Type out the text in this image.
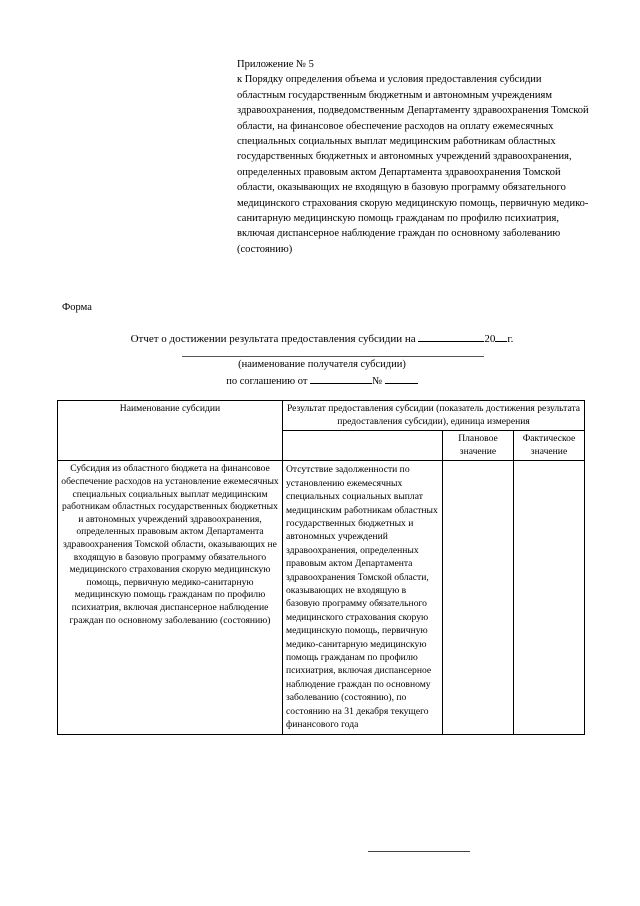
Приложение № 5
к Порядку определения объема и условия предоставления субсидии областным государственным бюджетным и автономным учреждениям здравоохранения, подведомственным Департаменту здравоохранения Томской области, на финансовое обеспечение расходов на оплату ежемесячных специальных социальных выплат медицинским работникам областных государственных бюджетных и автономных учреждений здравоохранения, определенных правовым актом Департамента здравоохранения Томской области, оказывающих не входящую в базовую программу обязательного медицинского страхования скорую медицинскую помощь, первичную медико-санитарную медицинскую помощь гражданам по профилю психиатрия, включая диспансерное наблюдение граждан по основному заболеванию (состоянию)
Форма
Отчет о достижении результата предоставления субсидии на	20 г.
(наименование получателя субсидии)
по соглашению от	№
Наименование субсидии	Результат предоставления субсидии (показатель достижения результата предоставления субсидии), единица измерения		
		Плановое значение	Фактическое значение
Субсидия из областного бюджета на финансовое обеспечение расходов на установление ежемесячных специальных социальных выплат медицинским работникам областных государственных бюджетных и автономных учреждений здравоохранения, определенных правовым актом Департамента здравоохранения Томской области, оказывающих не входящую в базовую программу обязательного медицинского страхования скорую медицинскую помощь, первичную медико-санитарную медицинскую помощь гражданам по профилю психиатрия, включая диспансерное наблюдение граждан по основному заболеванию (состоянию)	Отсутствие задолженности по установлению ежемесячных специальных социальных выплат медицинским работникам областных государственных бюджетных и автономных учреждений здравоохранения, определенных правовым актом Департамента здравоохранения Томской области, оказывающих не входящую в базовую программу обязательного медицинского страхования скорую медицинскую помощь, первичную медико-санитарную медицинскую помощь гражданам по профилю психиатрия, включая диспансерное наблюдение граждан по основному заболеванию (состоянию), по состоянию на 31 декабря текущего финансового года		
